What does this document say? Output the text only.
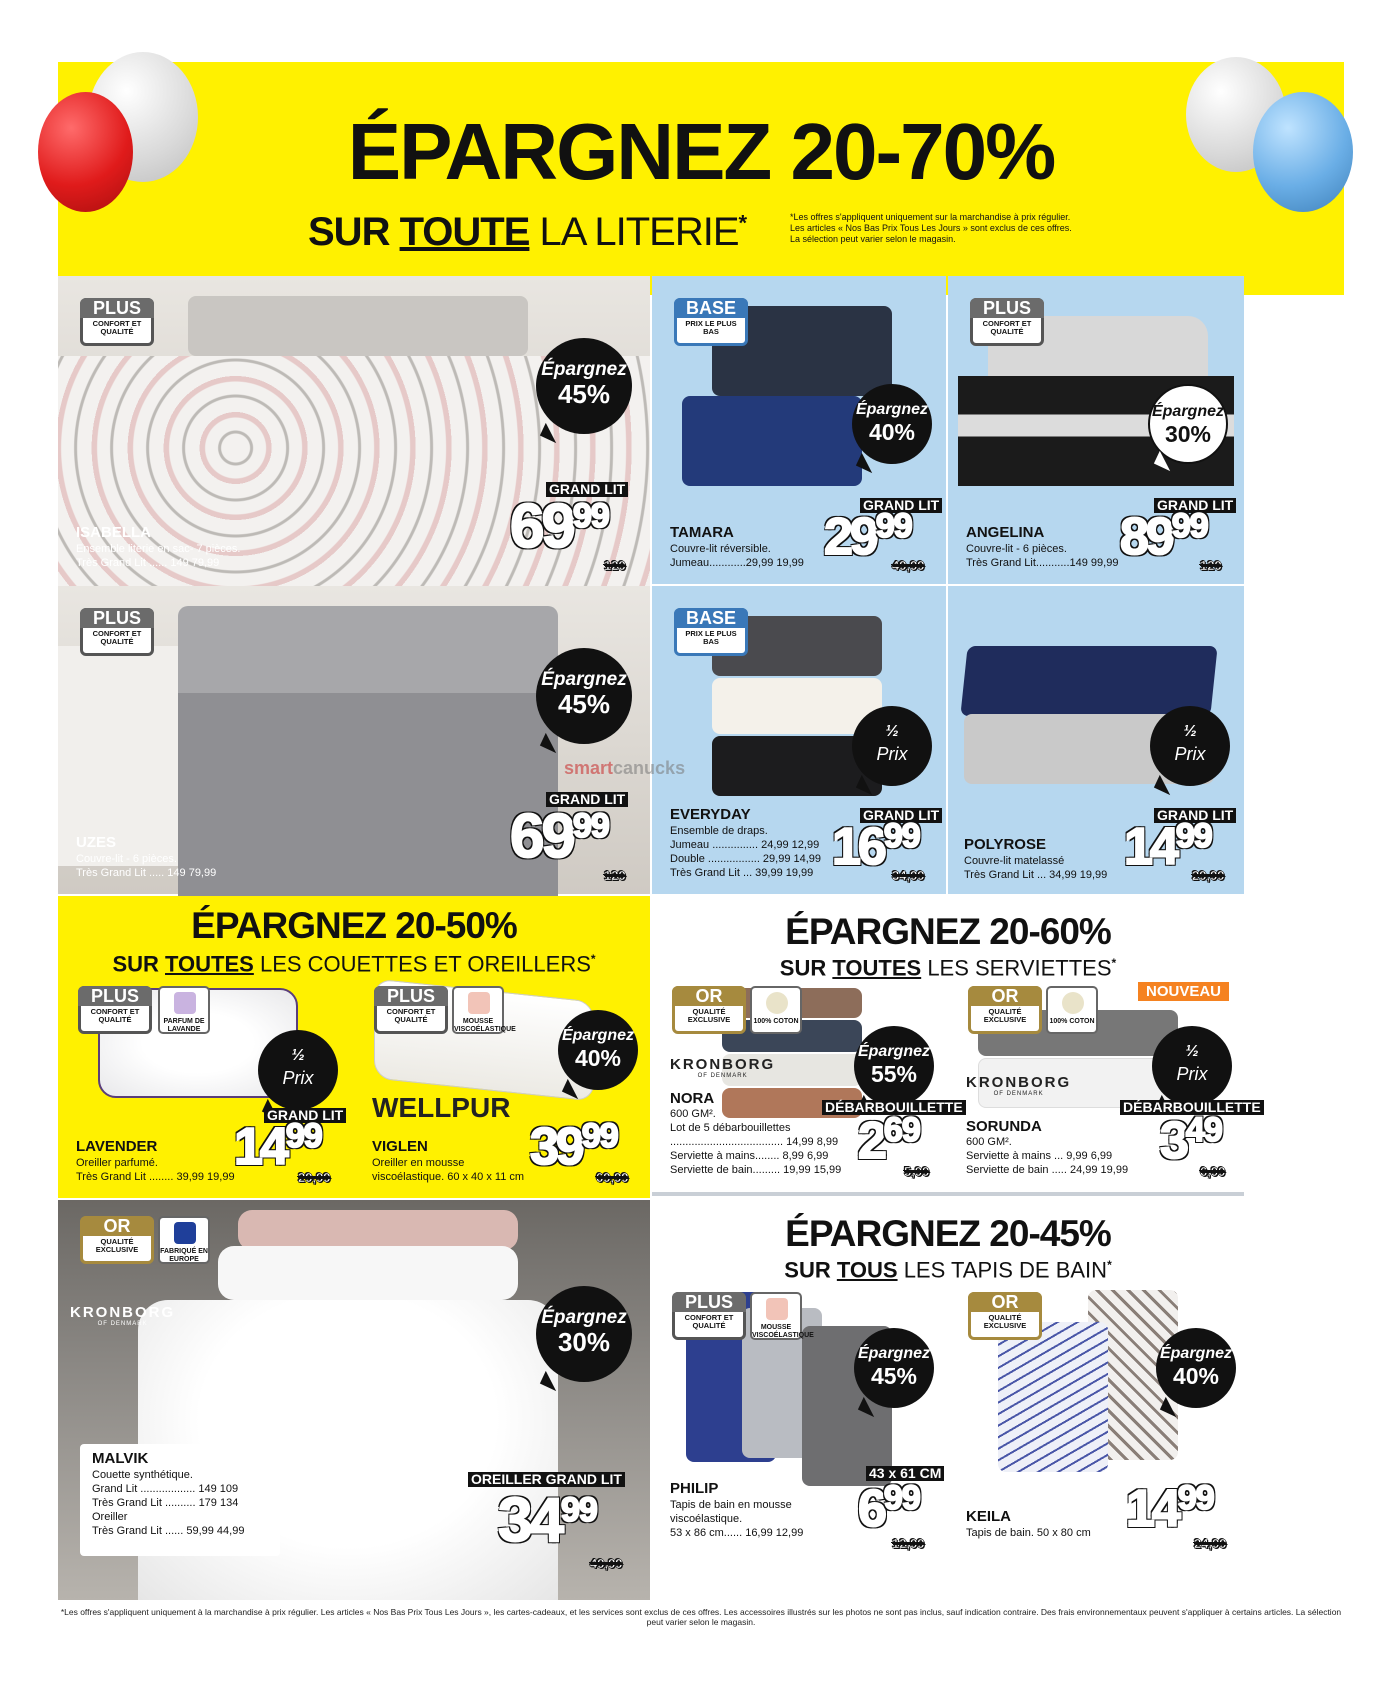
ÉPARGNEZ 20-70%
SUR TOUTE LA LITERIE*	*Les offres s'appliquent uniquement sur la marchandise à prix régulier. Les articles « Nos Bas Prix Tous Les Jours » sont exclus de ces offres. La sélection peut varier selon le magasin.
PLUS
CONFORT ET QUALITÉ
Épargnez
45%
GRAND LIT
$69^{99}$
129
ISABELLA
Ensemble literie en sac- 7 pièces.
Très Grand Lit ...... 149 79,99
BASE
PRIX LE PLUS BAS
Épargnez
40%
GRAND LIT
$29^{99}$
49,99
TAMARA
Couvre-lit réversible.
Jumeau............29,99 19,99
PLUS
CONFORT ET QUALITÉ
Épargnez
30%
GRAND LIT
$89^{99}$
129
ANGELINA
Couvre-lit - 6 pièces.
Très Grand Lit...........149 99,99
PLUS
CONFORT ET QUALITÉ
Épargnez
45%
GRAND LIT
$69^{99}$
129
UZES
Couvre-lit - 6 pièces.
Très Grand Lit ..... 149 79,99
BASE
PRIX LE PLUS BAS
½
Prix
GRAND LIT
$16^{99}$
34,99
EVERYDAY
Ensemble de draps.
Jumeau ............... 24,99 12,99
Double ................. 29,99 14,99
Très Grand Lit ... 39,99 19,99
½
Prix
GRAND LIT
$14^{99}$
29,99
POLYROSE
Couvre-lit matelassé
Très Grand Lit ... 34,99 19,99
ÉPARGNEZ 20-50%
SUR TOUTES LES COUETTES ET OREILLERS*
PLUS
CONFORT ET QUALITÉ	PARFUM DE LAVANDE
½
Prix
GRAND LIT
$14^{99}$
29,99
LAVENDER
Oreiller parfumé.
Très Grand Lit ........ 39,99 19,99
PLUS
CONFORT ET QUALITÉ	MOUSSE VISCOÉLASTIQUE	Épargnez
40%
WELLPUR
$39^{99}$
69,99
VIGLEN
Oreiller en mousse
viscoélastique. 60 x 40 x 11 cm
ÉPARGNEZ 20-60%
SUR TOUTES LES SERVIETTES*
OR
QUALITÉ EXCLUSIVE	100% COTON
KRONBORG
OF DENMARK
Épargnez
55%
DÉBARBOUILLETTE
$2^{69}$
5,99
NORA
600 GM².
Lot de 5 débarbouillettes
..................................... 14,99 8,99
Serviette à mains........ 8,99 6,99
Serviette de bain......... 19,99 15,99
NOUVEAU
OR
QUALITÉ EXCLUSIVE	100% COTON
KRONBORG
OF DENMARK
½
Prix
DÉBARBOUILLETTE
$3^{49}$
6,99
SORUNDA
600 GM².
Serviette à mains ... 9,99 6,99
Serviette de bain ..... 24,99 19,99
OR
QUALITÉ EXCLUSIVE	FABRIQUÉ EN EUROPE
KRONBORG
OF DENMARK	Épargnez
30%
OREILLER GRAND LIT
$34^{99}$
49,99
MALVIK
Couette synthétique.
Grand Lit .................. 149 109
Très Grand Lit .......... 179 134
Oreiller
Très Grand Lit ...... 59,99 44,99
ÉPARGNEZ 20-45%
SUR TOUS LES TAPIS DE BAIN*
PLUS
CONFORT ET QUALITÉ	MOUSSE VISCOÉLASTIQUE
Épargnez
45%
43 x 61 CM
$6^{99}$
12,99
PHILIP
Tapis de bain en mousse
viscoélastique.
53 x 86 cm...... 16,99 12,99
OR
QUALITÉ EXCLUSIVE
Épargnez
40%
$14^{99}$
24,99
KEILA
Tapis de bain. 50 x 80 cm
smartcanucks
*Les offres s'appliquent uniquement à la marchandise à prix régulier. Les articles « Nos Bas Prix Tous Les Jours », les cartes-cadeaux, et les services sont exclus de ces offres. Les accessoires illustrés sur les photos ne sont pas inclus, sauf indication contraire. Des frais environnementaux peuvent s'appliquer à certains articles. La sélection peut varier selon le magasin.
